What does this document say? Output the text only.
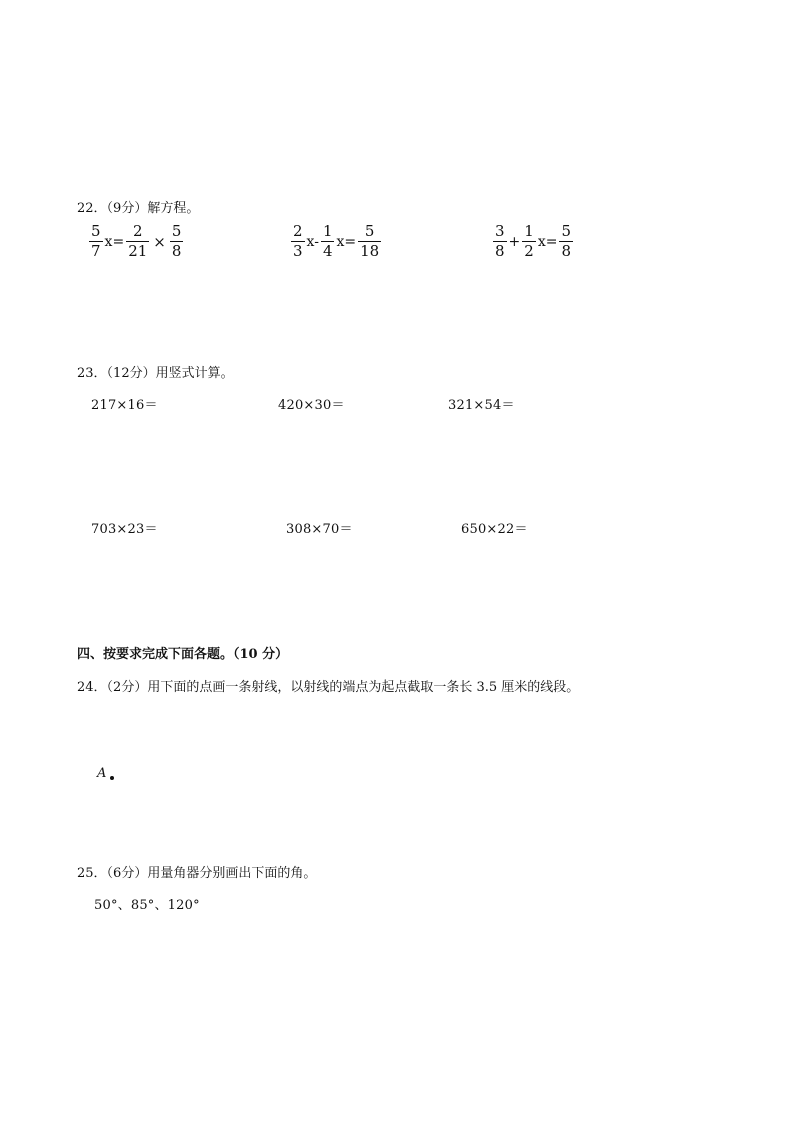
22．（9分）解方程。
$\frac{5}{7} x= \frac{2}{21} \times \frac{5}{8}$	$\frac{2}{3} x- \frac{1}{4} x= \frac{5}{18}$	$\frac{3}{8} + \frac{1}{2} x= \frac{5}{8}$
23．（12分）用竖式计算。
217×16＝	420×30＝	321×54＝
703×23＝	308×70＝	650×22＝
四、按要求完成下面各题。（10 分）
24．（2分）用下面的点画一条射线，以射线的端点为起点截取一条长 3.5 厘米的线段。
A
25．（6分）用量角器分别画出下面的角。
50°、85°、120°
